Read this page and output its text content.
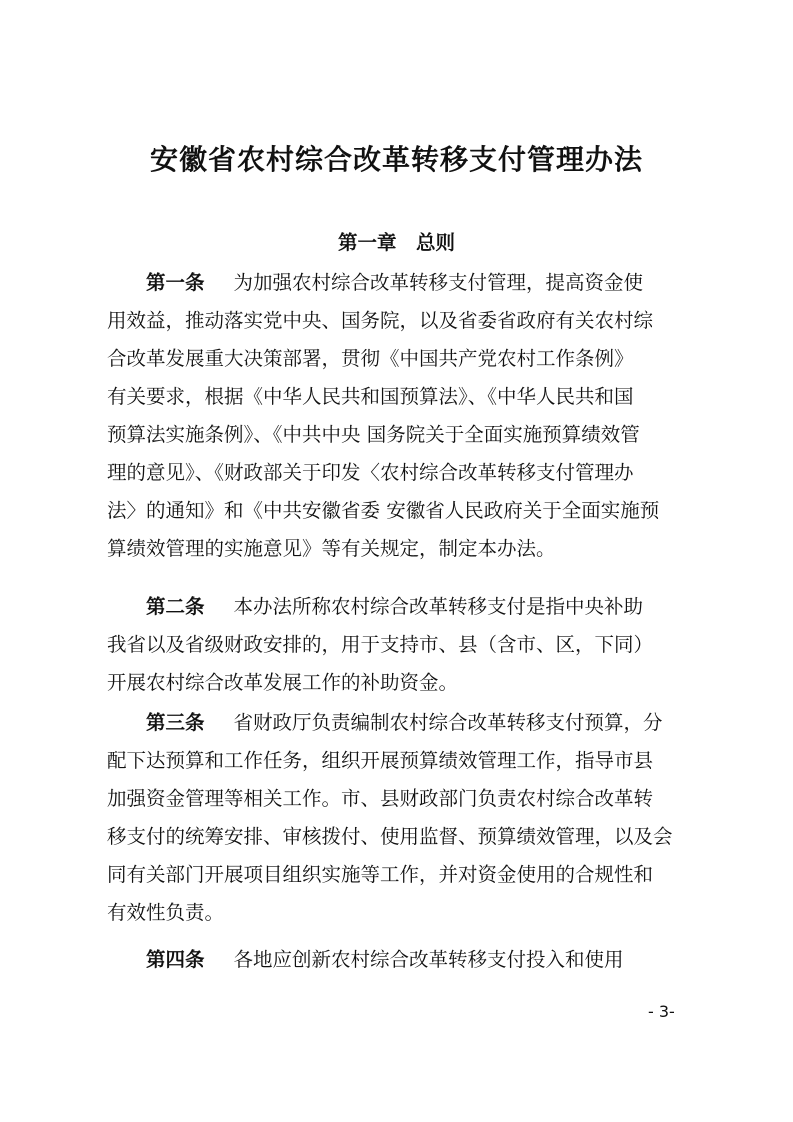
安徽省农村综合改革转移支付管理办法
第一章　总则
第一条 为加强农村综合改革转移支付管理，提高资金使
用效益，推动落实党中央、国务院，以及省委省政府有关农村综
合改革发展重大决策部署，贯彻《中国共产党农村工作条例》
有关要求，根据《中华人民共和国预算法》、《中华人民共和国
预算法实施条例》、《中共中央 国务院关于全面实施预算绩效管
理的意见》、《财政部关于印发〈农村综合改革转移支付管理办
法〉的通知》和《中共安徽省委 安徽省人民政府关于全面实施预
算绩效管理的实施意见》等有关规定，制定本办法。
第二条 本办法所称农村综合改革转移支付是指中央补助
我省以及省级财政安排的，用于支持市、县（含市、区，下同）
开展农村综合改革发展工作的补助资金。
第三条 省财政厅负责编制农村综合改革转移支付预算，分
配下达预算和工作任务，组织开展预算绩效管理工作，指导市县
加强资金管理等相关工作。市、县财政部门负责农村综合改革转
移支付的统筹安排、审核拨付、使用监督、预算绩效管理，以及会
同有关部门开展项目组织实施等工作，并对资金使用的合规性和
有效性负责。
第四条 各地应创新农村综合改革转移支付投入和使用
- 3-
